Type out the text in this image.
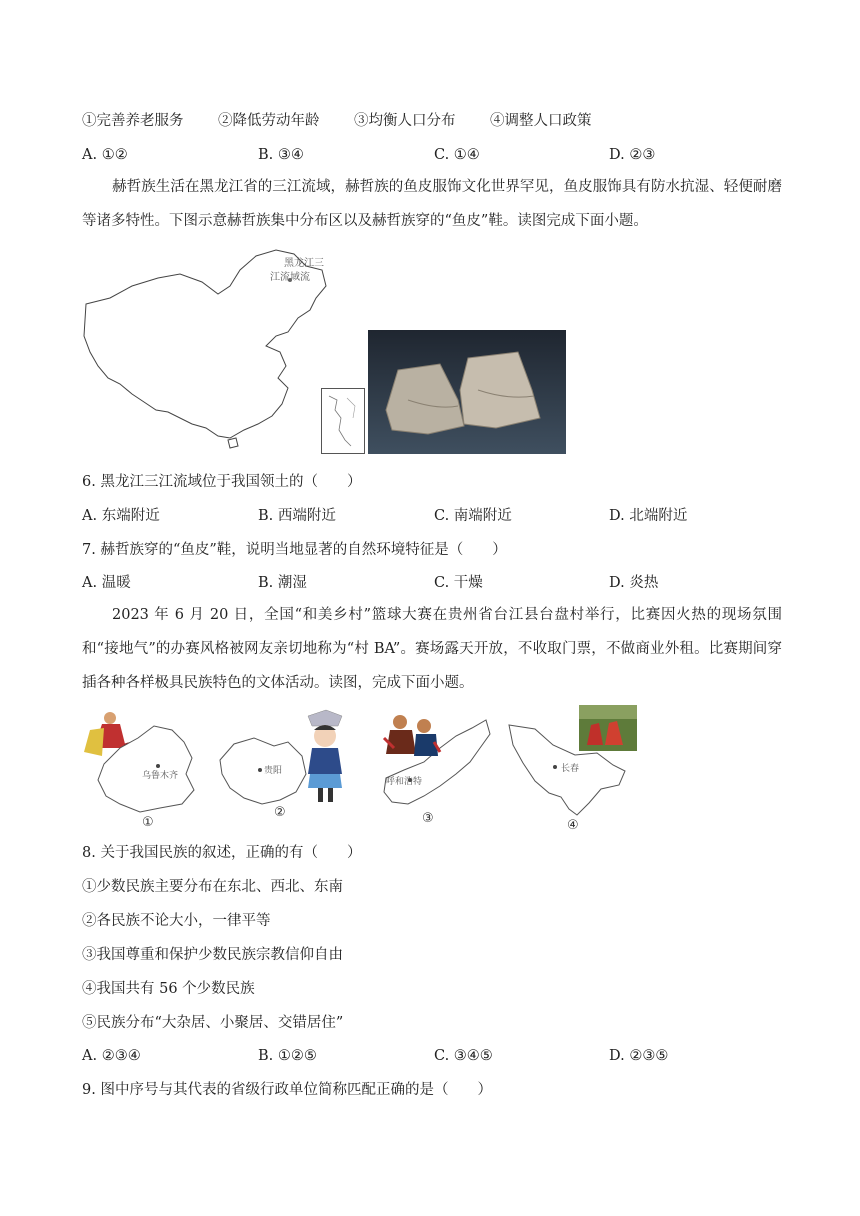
①完善养老服务 ②降低劳动年龄 ③均衡人口分布 ④调整人口政策
A. ①②	B. ③④	C. ①④	D. ②③
赫哲族生活在黑龙江省的三江流域，赫哲族的鱼皮服饰文化世界罕见，鱼皮服饰具有防水抗湿、轻便耐磨等诸多特性。下图示意赫哲族集中分布区以及赫哲族穿的“鱼皮”鞋。读图完成下面小题。
黑龙江三
江流域流
6. 黑龙江三江流域位于我国领土的（　　）
A. 东端附近	B. 西端附近	C. 南端附近	D. 北端附近
7. 赫哲族穿的“鱼皮”鞋，说明当地显著的自然环境特征是（　　）
A. 温暖	B. 潮湿	C. 干燥	D. 炎热
2023 年 6 月 20 日，全国“和美乡村”篮球大赛在贵州省台江县台盘村举行，比赛因火热的现场氛围和“接地气”的办赛风格被网友亲切地称为“村 BA”。赛场露天开放，不收取门票，不做商业外租。比赛期间穿插各种各样极具民族特色的文体活动。读图，完成下面小题。
乌鲁木齐
①
贵阳
②
呼和浩特
③
长春
④
8. 关于我国民族的叙述，正确的有（　　）
①少数民族主要分布在东北、西北、东南
②各民族不论大小，一律平等
③我国尊重和保护少数民族宗教信仰自由
④我国共有 56 个少数民族
⑤民族分布“大杂居、小聚居、交错居住”
A. ②③④	B. ①②⑤	C. ③④⑤	D. ②③⑤
9. 图中序号与其代表的省级行政单位简称匹配正确的是（　　）
